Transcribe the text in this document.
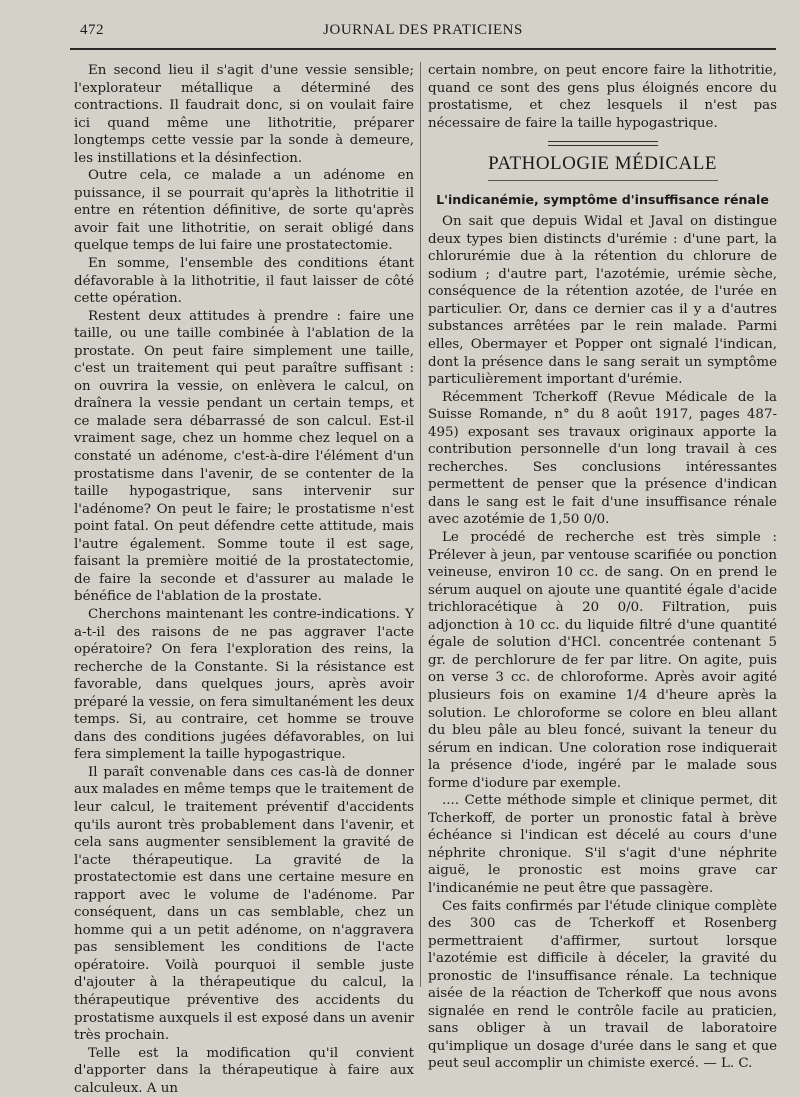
472	JOURNAL DES PRATICIENS

En second lieu il s'agit d'une vessie sensible; l'explorateur métallique a déterminé des contractions. Il faudrait donc, si on voulait faire ici quand même une lithotritie, préparer longtemps cette vessie par la sonde à demeure, les instillations et la désinfection.

Outre cela, ce malade a un adénome en puissance, il se pourrait qu'après la lithotritie il entre en rétention définitive, de sorte qu'après avoir fait une lithotritie, on serait obligé dans quelque temps de lui faire une prostatectomie.

En somme, l'ensemble des conditions étant défavorable à la lithotritie, il faut laisser de côté cette opération.

Restent deux attitudes à prendre : faire une taille, ou une taille combinée à l'ablation de la prostate. On peut faire simplement une taille, c'est un traitement qui peut paraître suffisant : on ouvrira la vessie, on enlèvera le calcul, on draînera la vessie pendant un certain temps, et ce malade sera débarrassé de son calcul. Est-il vraiment sage, chez un homme chez lequel on a constaté un adénome, c'est-à-dire l'élément d'un prostatisme dans l'avenir, de se contenter de la taille hypogastrique, sans intervenir sur l'adénome? On peut le faire; le prostatisme n'est point fatal. On peut défendre cette attitude, mais l'autre également. Somme toute il est sage, faisant la première moitié de la prostatectomie, de faire la seconde et d'assurer au malade le bénéfice de l'ablation de la prostate.

Cherchons maintenant les contre-indications. Y a-t-il des raisons de ne pas aggraver l'acte opératoire? On fera l'exploration des reins, la recherche de la Constante. Si la résistance est favorable, dans quelques jours, après avoir préparé la vessie, on fera simultanément les deux temps. Si, au contraire, cet homme se trouve dans des conditions jugées défavorables, on lui fera simplement la taille hypogastrique.

Il paraît convenable dans ces cas-là de donner aux malades en même temps que le traitement de leur calcul, le traitement préventif d'accidents qu'ils auront très probablement dans l'avenir, et cela sans augmenter sensiblement la gravité de l'acte thérapeutique. La gravité de la prostatectomie est dans une certaine mesure en rapport avec le volume de l'adénome. Par conséquent, dans un cas semblable, chez un homme qui a un petit adénome, on n'aggravera pas sensiblement les conditions de l'acte opératoire. Voilà pourquoi il semble juste d'ajouter à la thérapeutique du calcul, la thérapeutique préventive des accidents du prostatisme auxquels il est exposé dans un avenir très prochain.

Telle est la modification qu'il convient d'apporter dans la thérapeutique à faire aux calculeux. A un

certain nombre, on peut encore faire la lithotritie, quand ce sont des gens plus éloignés encore du prostatisme, et chez lesquels il n'est pas nécessaire de faire la taille hypogastrique.

PATHOLOGIE MÉDICALE
L'indicanémie, symptôme d'insuffisance rénale

On sait que depuis Widal et Javal on distingue deux types bien distincts d'urémie : d'une part, la chlorurémie due à la rétention du chlorure de sodium ; d'autre part, l'azotémie, urémie sèche, conséquence de la rétention azotée, de l'urée en particulier. Or, dans ce dernier cas il y a d'autres substances arrêtées par le rein malade. Parmi elles, Obermayer et Popper ont signalé l'indican, dont la présence dans le sang serait un symptôme particulièrement important d'urémie.

Récemment Tcherkoff (Revue Médicale de la Suisse Romande, n° du 8 août 1917, pages 487-495) exposant ses travaux originaux apporte la contribution personnelle d'un long travail à ces recherches. Ses conclusions intéressantes permettent de penser que la présence d'indican dans le sang est le fait d'une insuffisance rénale avec azotémie de 1,50 0/0.

Le procédé de recherche est très simple : Prélever à jeun, par ventouse scarifiée ou ponction veineuse, environ 10 cc. de sang. On en prend le sérum auquel on ajoute une quantité égale d'acide trichloracétique à 20 0/0. Filtration, puis adjonction à 10 cc. du liquide filtré d'une quantité égale de solution d'HCl. concentrée contenant 5 gr. de perchlorure de fer par litre. On agite, puis on verse 3 cc. de chloroforme. Après avoir agité plusieurs fois on examine 1/4 d'heure après la solution. Le chloroforme se colore en bleu allant du bleu pâle au bleu foncé, suivant la teneur du sérum en indican. Une coloration rose indiquerait la présence d'iode, ingéré par le malade sous forme d'iodure par exemple.

.... Cette méthode simple et clinique permet, dit Tcherkoff, de porter un pronostic fatal à brève échéance si l'indican est décelé au cours d'une néphrite chronique. S'il s'agit d'une néphrite aiguë, le pronostic est moins grave car l'indicanémie ne peut être que passagère.

Ces faits confirmés par l'étude clinique complète des 300 cas de Tcherkoff et Rosenberg permettraient d'affirmer, surtout lorsque l'azotémie est difficile à déceler, la gravité du pronostic de l'insuffisance rénale. La technique aisée de la réaction de Tcherkoff que nous avons signalée en rend le contrôle facile au praticien, sans obliger à un travail de laboratoire qu'implique un dosage d'urée dans le sang et que peut seul accomplir un chimiste exercé. — L. C.
